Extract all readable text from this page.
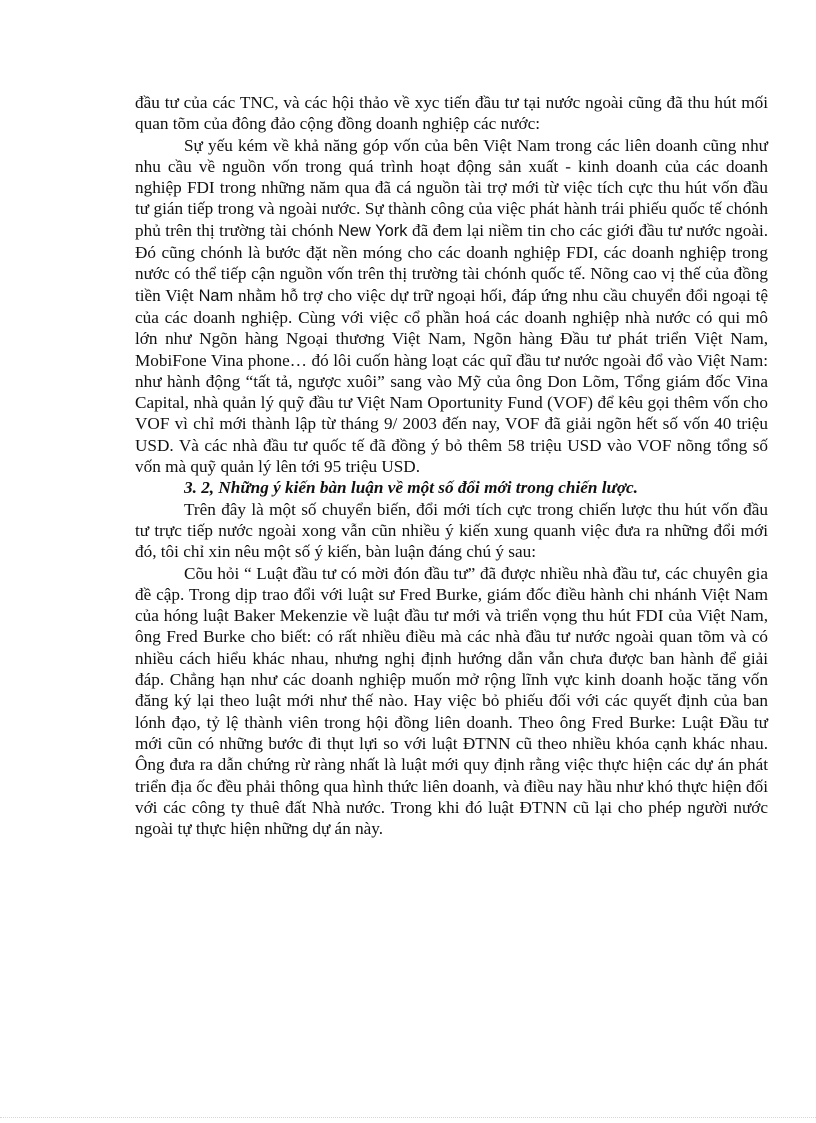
đầu tư của các TNC, và các hội thảo về xyc tiến đầu tư tại nước ngoài cũng đã thu hút mối quan tõm của đông đảo cộng đồng doanh nghiệp các nước:

Sự yếu kém về khả năng góp vốn của bên Việt Nam trong các liên doanh cũng như nhu cầu về nguồn vốn trong quá trình hoạt động sản xuất - kinh doanh của các doanh nghiệp FDI trong những năm qua đã cá nguồn tài trợ mới từ việc tích cực thu hút vốn đầu tư gián tiếp trong và ngoài nước. Sự thành công của việc phát hành trái phiếu quốc tế chónh phủ trên thị trường tài chónh New York đã đem lại niềm tin cho các giới đầu tư nước ngoài. Đó cũng chónh là bước đặt nền móng cho các doanh nghiệp FDI, các doanh nghiệp trong nước có thể tiếp cận nguồn vốn trên thị trường tài chónh quốc tế. Nõng cao vị thế của đồng tiền Việt Nam nhằm hỗ trợ cho việc dự trữ ngoại hối, đáp ứng nhu cầu chuyển đổi ngoại tệ của các doanh nghiệp. Cùng với việc cổ phần hoá các doanh nghiệp nhà nước có qui mô lớn như Ngõn hàng Ngoại thương Việt Nam, Ngõn hàng Đầu tư phát triển Việt Nam, MobiFone Vina phone… đó lôi cuốn hàng loạt các quĩ đầu tư nước ngoài đổ vào Việt Nam: như hành động “tất tả, ngược xuôi” sang vào Mỹ của ông Don Lõm, Tổng giám đốc Vina Capital, nhà quản lý quỹ đầu tư Việt Nam Oportunity Fund (VOF) để kêu gọi thêm vốn cho VOF vì chỉ mới thành lập từ tháng 9/ 2003 đến nay, VOF đã giải ngõn hết số vốn 40 triệu USD. Và các nhà đầu tư quốc tế đã đồng ý bỏ thêm 58 triệu USD vào VOF nõng tổng số vốn mà quỹ quản lý lên tới 95 triệu USD.

3. 2, Những ý kiến bàn luận về một số đổi mới trong chiến lược.

Trên đây là một số chuyển biến, đổi mới tích cực trong chiến lược thu hút vốn đầu tư trực tiếp nước ngoài xong vẫn cũn nhiều ý kiến xung quanh việc đưa ra những đổi mới đó, tôi chỉ xin nêu một số ý kiến, bàn luận đáng chú ý sau:

Cõu hỏi “ Luật đầu tư có mời đón đầu tư” đã được nhiều nhà đầu tư, các chuyên gia đề cập. Trong dịp trao đổi với luật sư Fred Burke, giám đốc điều hành chi nhánh Việt Nam của hóng luật Baker Mekenzie về luật đầu tư mới và triển vọng thu hút FDI của Việt Nam, ông Fred Burke cho biết: có rất nhiều điều mà các nhà đầu tư nước ngoài quan tõm và có nhiều cách hiểu khác nhau, nhưng nghị định hướng dẫn vẫn chưa được ban hành để giải đáp. Chẳng hạn như các doanh nghiệp muốn mở rộng lĩnh vực kinh doanh hoặc tăng vốn đăng ký lại theo luật mới như thế nào. Hay việc bỏ phiếu đối với các quyết định của ban lónh đạo, tỷ lệ thành viên trong hội đồng liên doanh. Theo ông Fred Burke: Luật Đầu tư mới cũn có những bước đi thụt lựi so với luật ĐTNN cũ theo nhiều khóa cạnh khác nhau. Ông đưa ra dẫn chứng rừ ràng nhất là luật mới quy định rằng việc thực hiện các dự án phát triển địa ốc đều phải thông qua hình thức liên doanh, và điều nay hầu như khó thực hiện đối với các công ty thuê đất Nhà nước. Trong khi đó luật ĐTNN cũ lại cho phép người nước ngoài tự thực hiện những dự án này.
